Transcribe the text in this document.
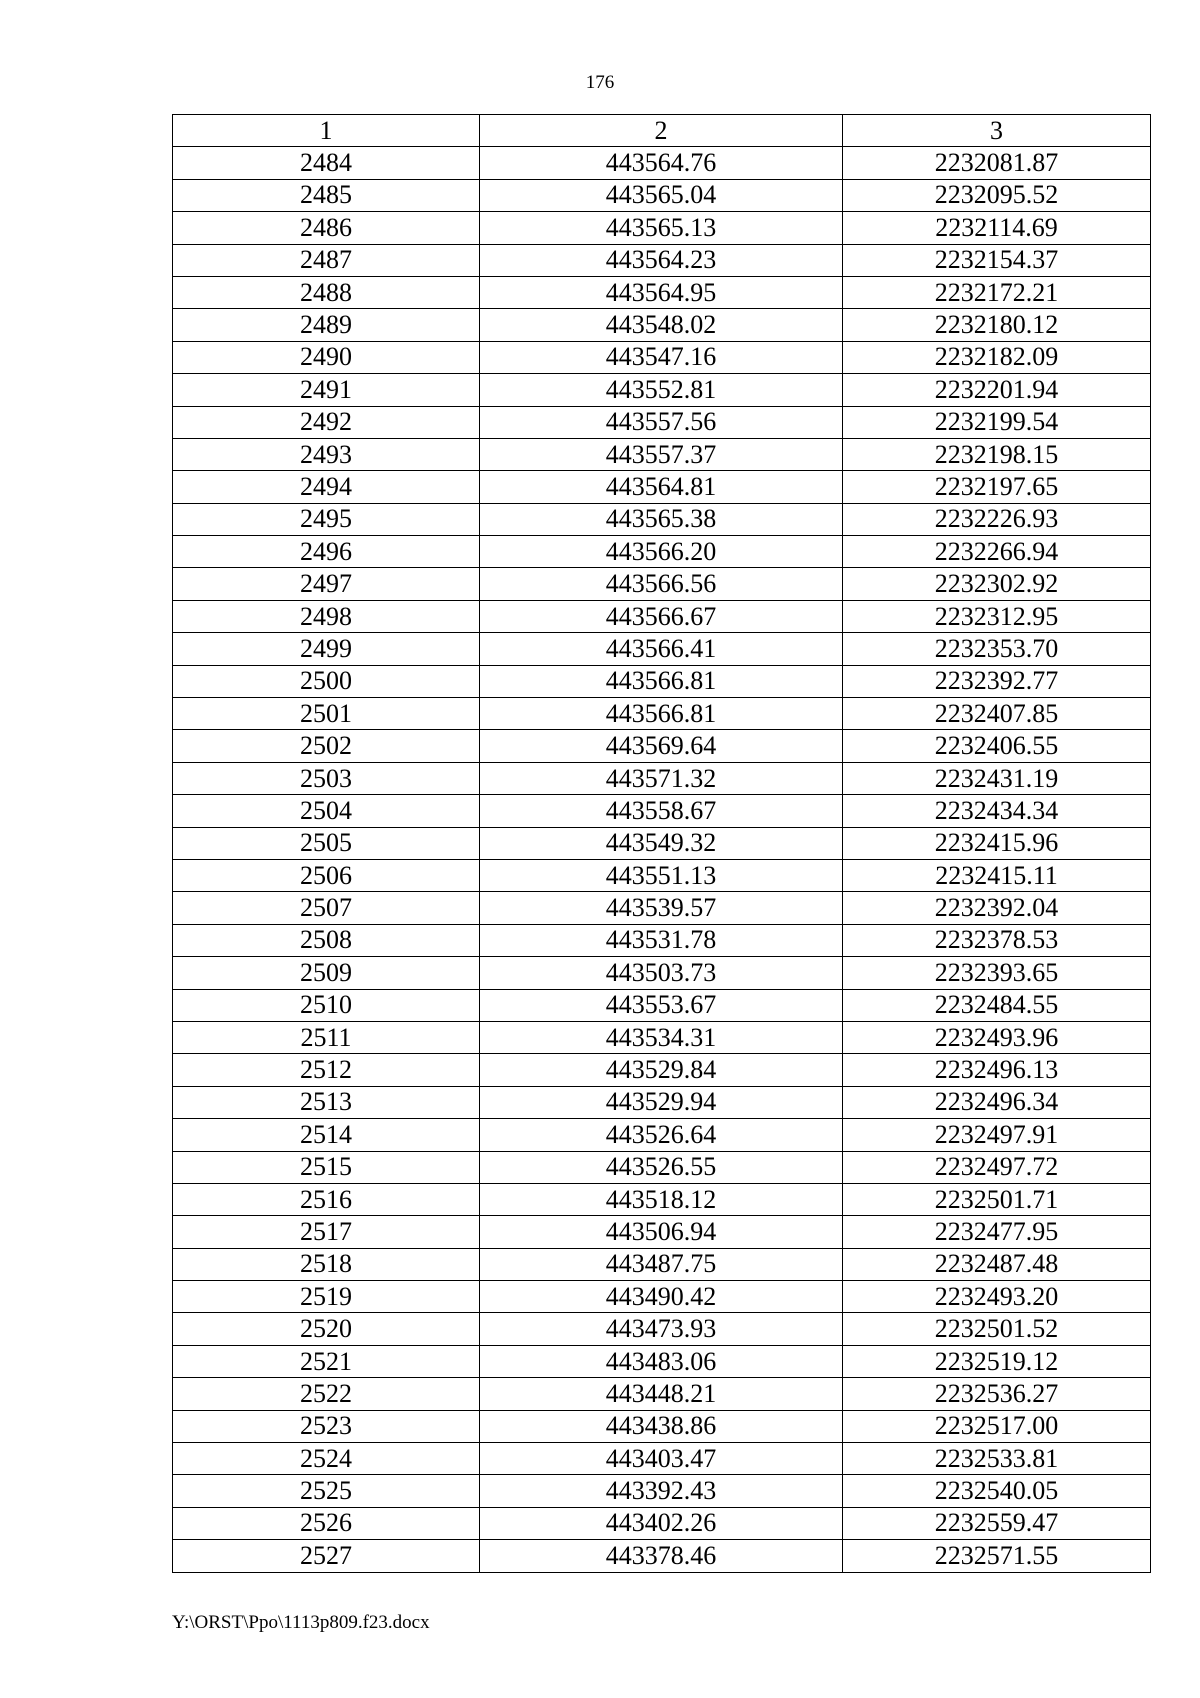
176
1	2	3
2484	443564.76	2232081.87
2485	443565.04	2232095.52
2486	443565.13	2232114.69
2487	443564.23	2232154.37
2488	443564.95	2232172.21
2489	443548.02	2232180.12
2490	443547.16	2232182.09
2491	443552.81	2232201.94
2492	443557.56	2232199.54
2493	443557.37	2232198.15
2494	443564.81	2232197.65
2495	443565.38	2232226.93
2496	443566.20	2232266.94
2497	443566.56	2232302.92
2498	443566.67	2232312.95
2499	443566.41	2232353.70
2500	443566.81	2232392.77
2501	443566.81	2232407.85
2502	443569.64	2232406.55
2503	443571.32	2232431.19
2504	443558.67	2232434.34
2505	443549.32	2232415.96
2506	443551.13	2232415.11
2507	443539.57	2232392.04
2508	443531.78	2232378.53
2509	443503.73	2232393.65
2510	443553.67	2232484.55
2511	443534.31	2232493.96
2512	443529.84	2232496.13
2513	443529.94	2232496.34
2514	443526.64	2232497.91
2515	443526.55	2232497.72
2516	443518.12	2232501.71
2517	443506.94	2232477.95
2518	443487.75	2232487.48
2519	443490.42	2232493.20
2520	443473.93	2232501.52
2521	443483.06	2232519.12
2522	443448.21	2232536.27
2523	443438.86	2232517.00
2524	443403.47	2232533.81
2525	443392.43	2232540.05
2526	443402.26	2232559.47
2527	443378.46	2232571.55
Y:\ORST\Ppo\1113p809.f23.docx
